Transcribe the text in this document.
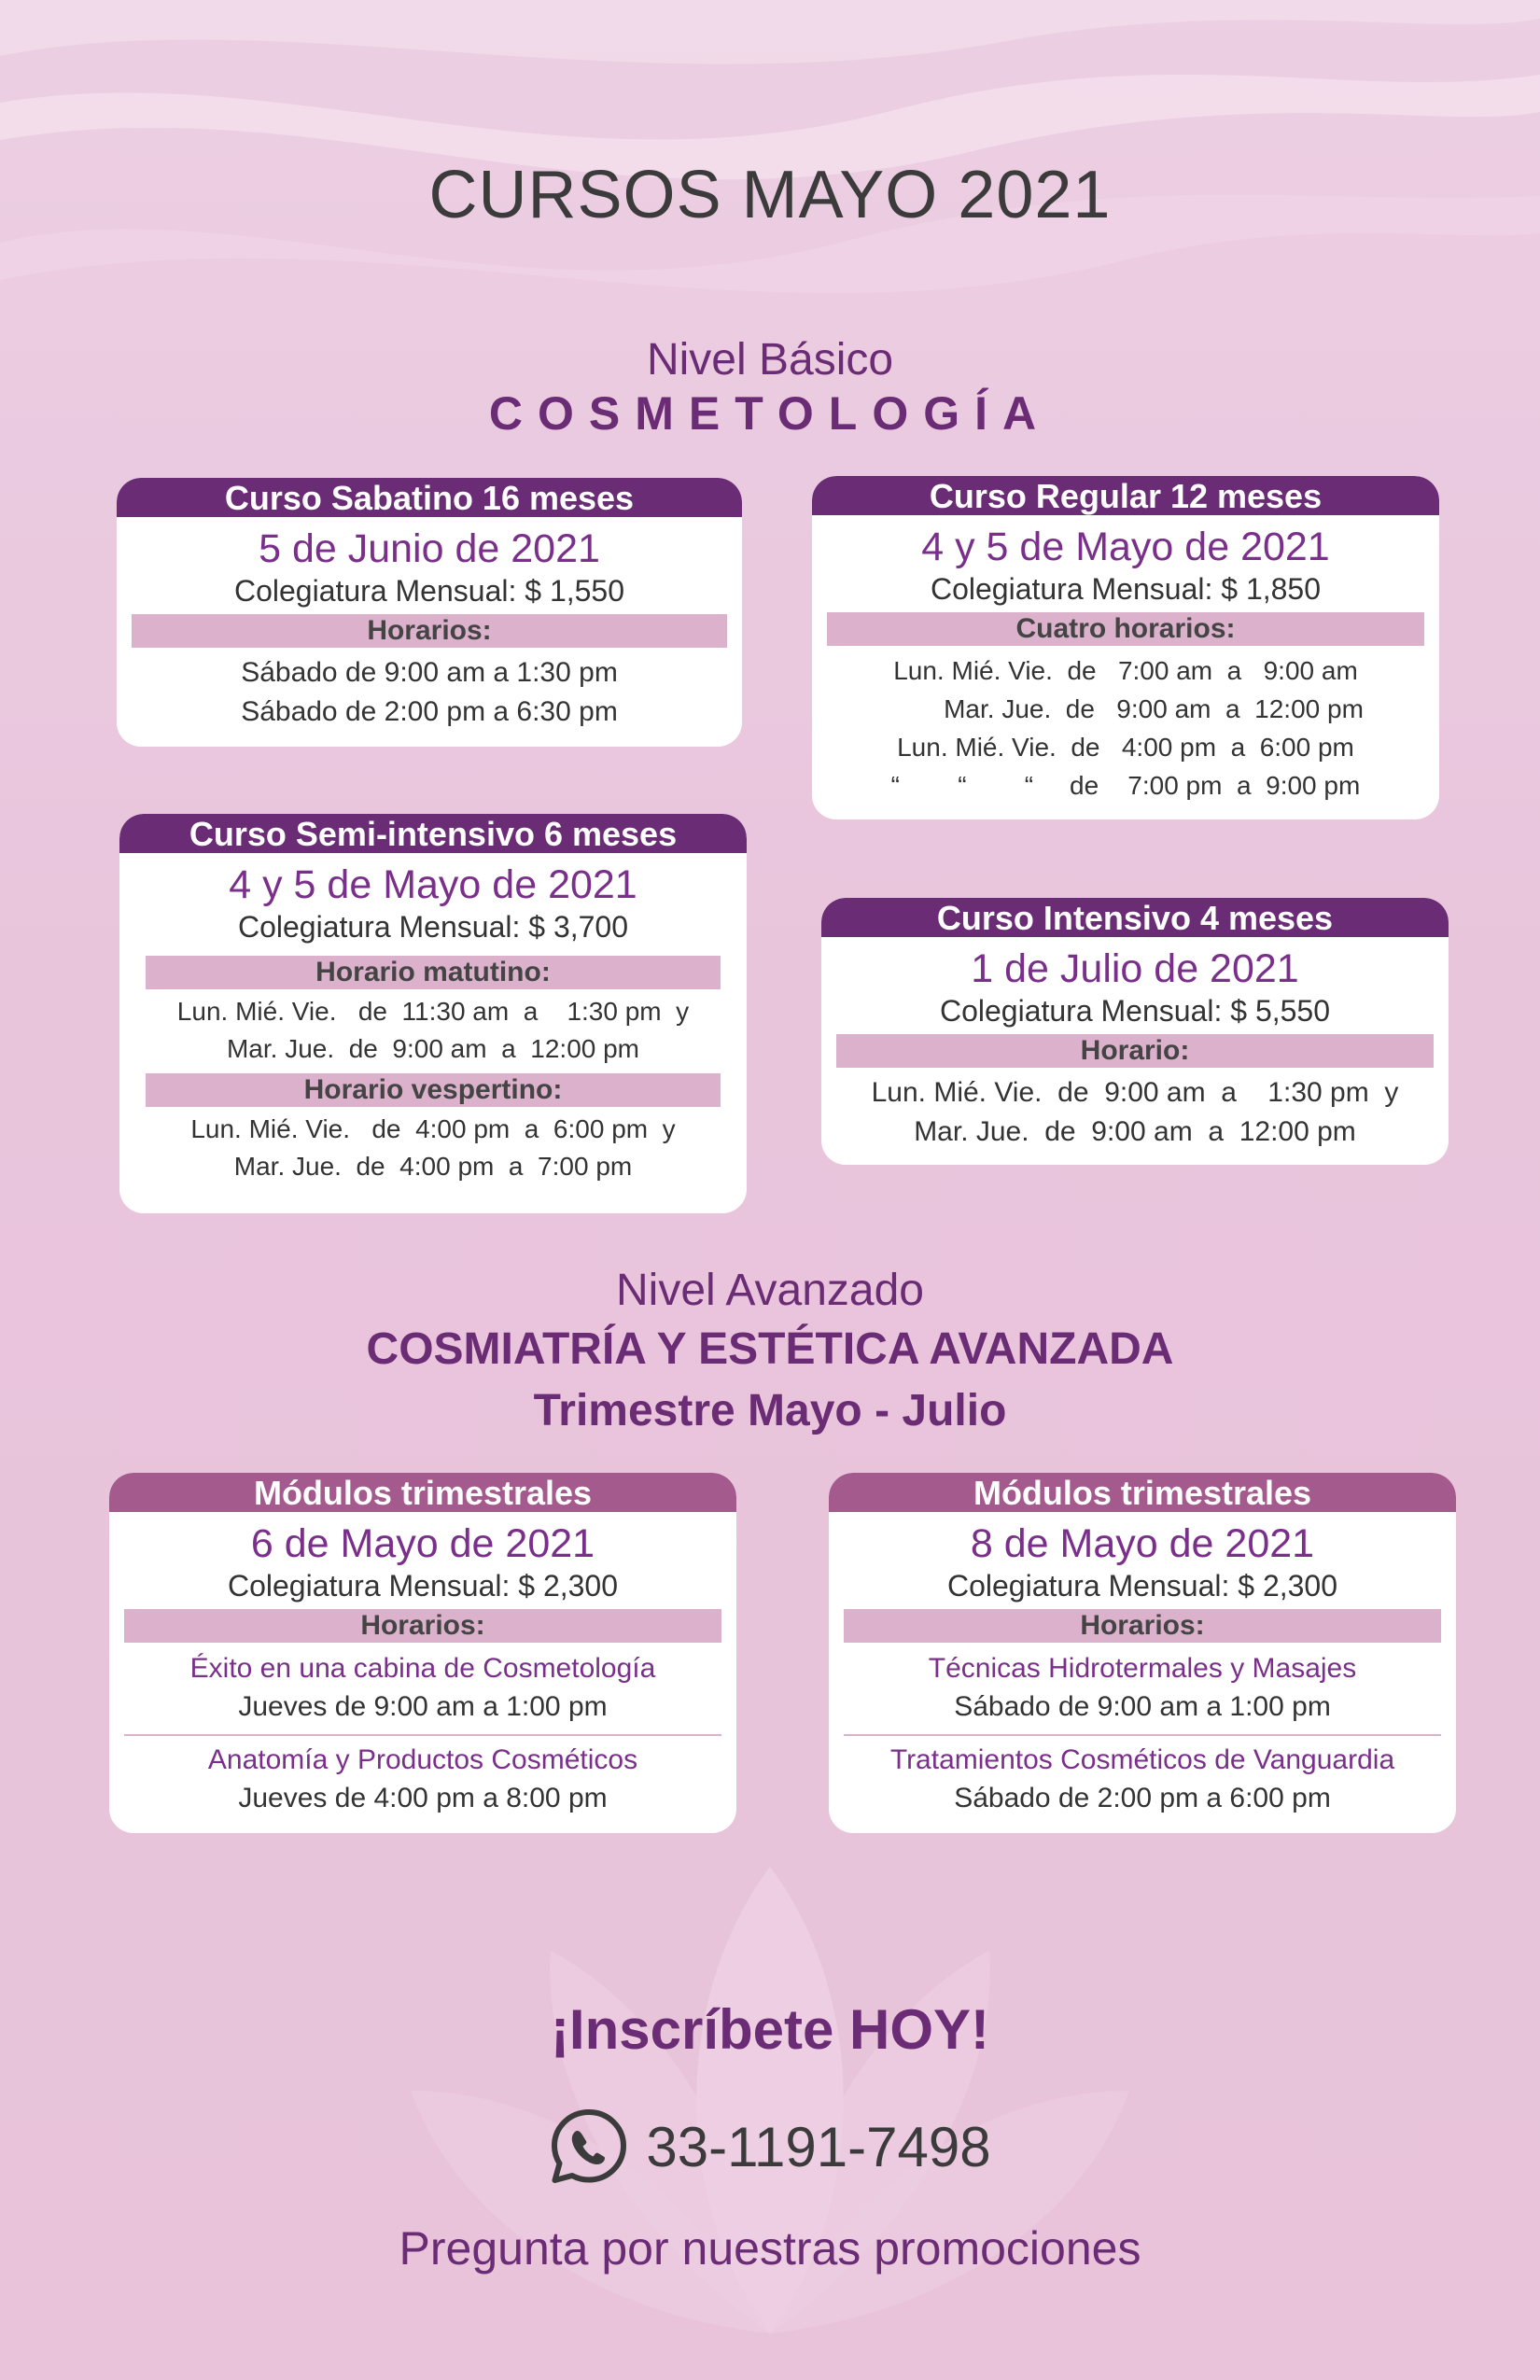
CURSOS MAYO 2021
Nivel Básico
COSMETOLOGÍA
Curso Sabatino 16 meses
5 de Junio de 2021
Colegiatura Mensual: $ 1,550
Horarios:
Sábado de 9:00 am a 1:30 pm
Sábado de 2:00 pm a 6:30 pm
Curso Regular 12 meses
4 y 5 de Mayo de 2021
Colegiatura Mensual: $ 1,850
Cuatro horarios:
Lun. Mié. Vie.  de   7:00 am  a   9:00 am
Mar. Jue.  de   9:00 am  a  12:00 pm
Lun. Mié. Vie.  de   4:00 pm  a  6:00 pm
“        “        “     de    7:00 pm  a  9:00 pm
Curso Semi-intensivo 6 meses
4 y 5 de Mayo de 2021
Colegiatura Mensual: $ 3,700
Horario matutino:
Lun. Mié. Vie.   de  11:30 am  a    1:30 pm  y
Mar. Jue.  de  9:00 am  a  12:00 pm
Horario vespertino:
Lun. Mié. Vie.   de  4:00 pm  a  6:00 pm  y
Mar. Jue.  de  4:00 pm  a  7:00 pm
Curso Intensivo 4 meses
1 de Julio de 2021
Colegiatura Mensual: $ 5,550
Horario:
Lun. Mié. Vie.  de  9:00 am  a    1:30 pm  y
Mar. Jue.  de  9:00 am  a  12:00 pm
Nivel Avanzado
COSMIATRÍA Y ESTÉTICA AVANZADA
Trimestre Mayo - Julio
Módulos trimestrales
6 de Mayo de 2021
Colegiatura Mensual: $ 2,300
Horarios:
Éxito en una cabina de Cosmetología
Jueves de 9:00 am a 1:00 pm
Anatomía y Productos Cosméticos
Jueves de 4:00 pm a 8:00 pm
Módulos trimestrales
8 de Mayo de 2021
Colegiatura Mensual: $ 2,300
Horarios:
Técnicas Hidrotermales y Masajes
Sábado de 9:00 am a 1:00 pm
Tratamientos Cosméticos de Vanguardia
Sábado de 2:00 pm a 6:00 pm
¡Inscríbete HOY!
33-1191-7498
Pregunta por nuestras promociones
